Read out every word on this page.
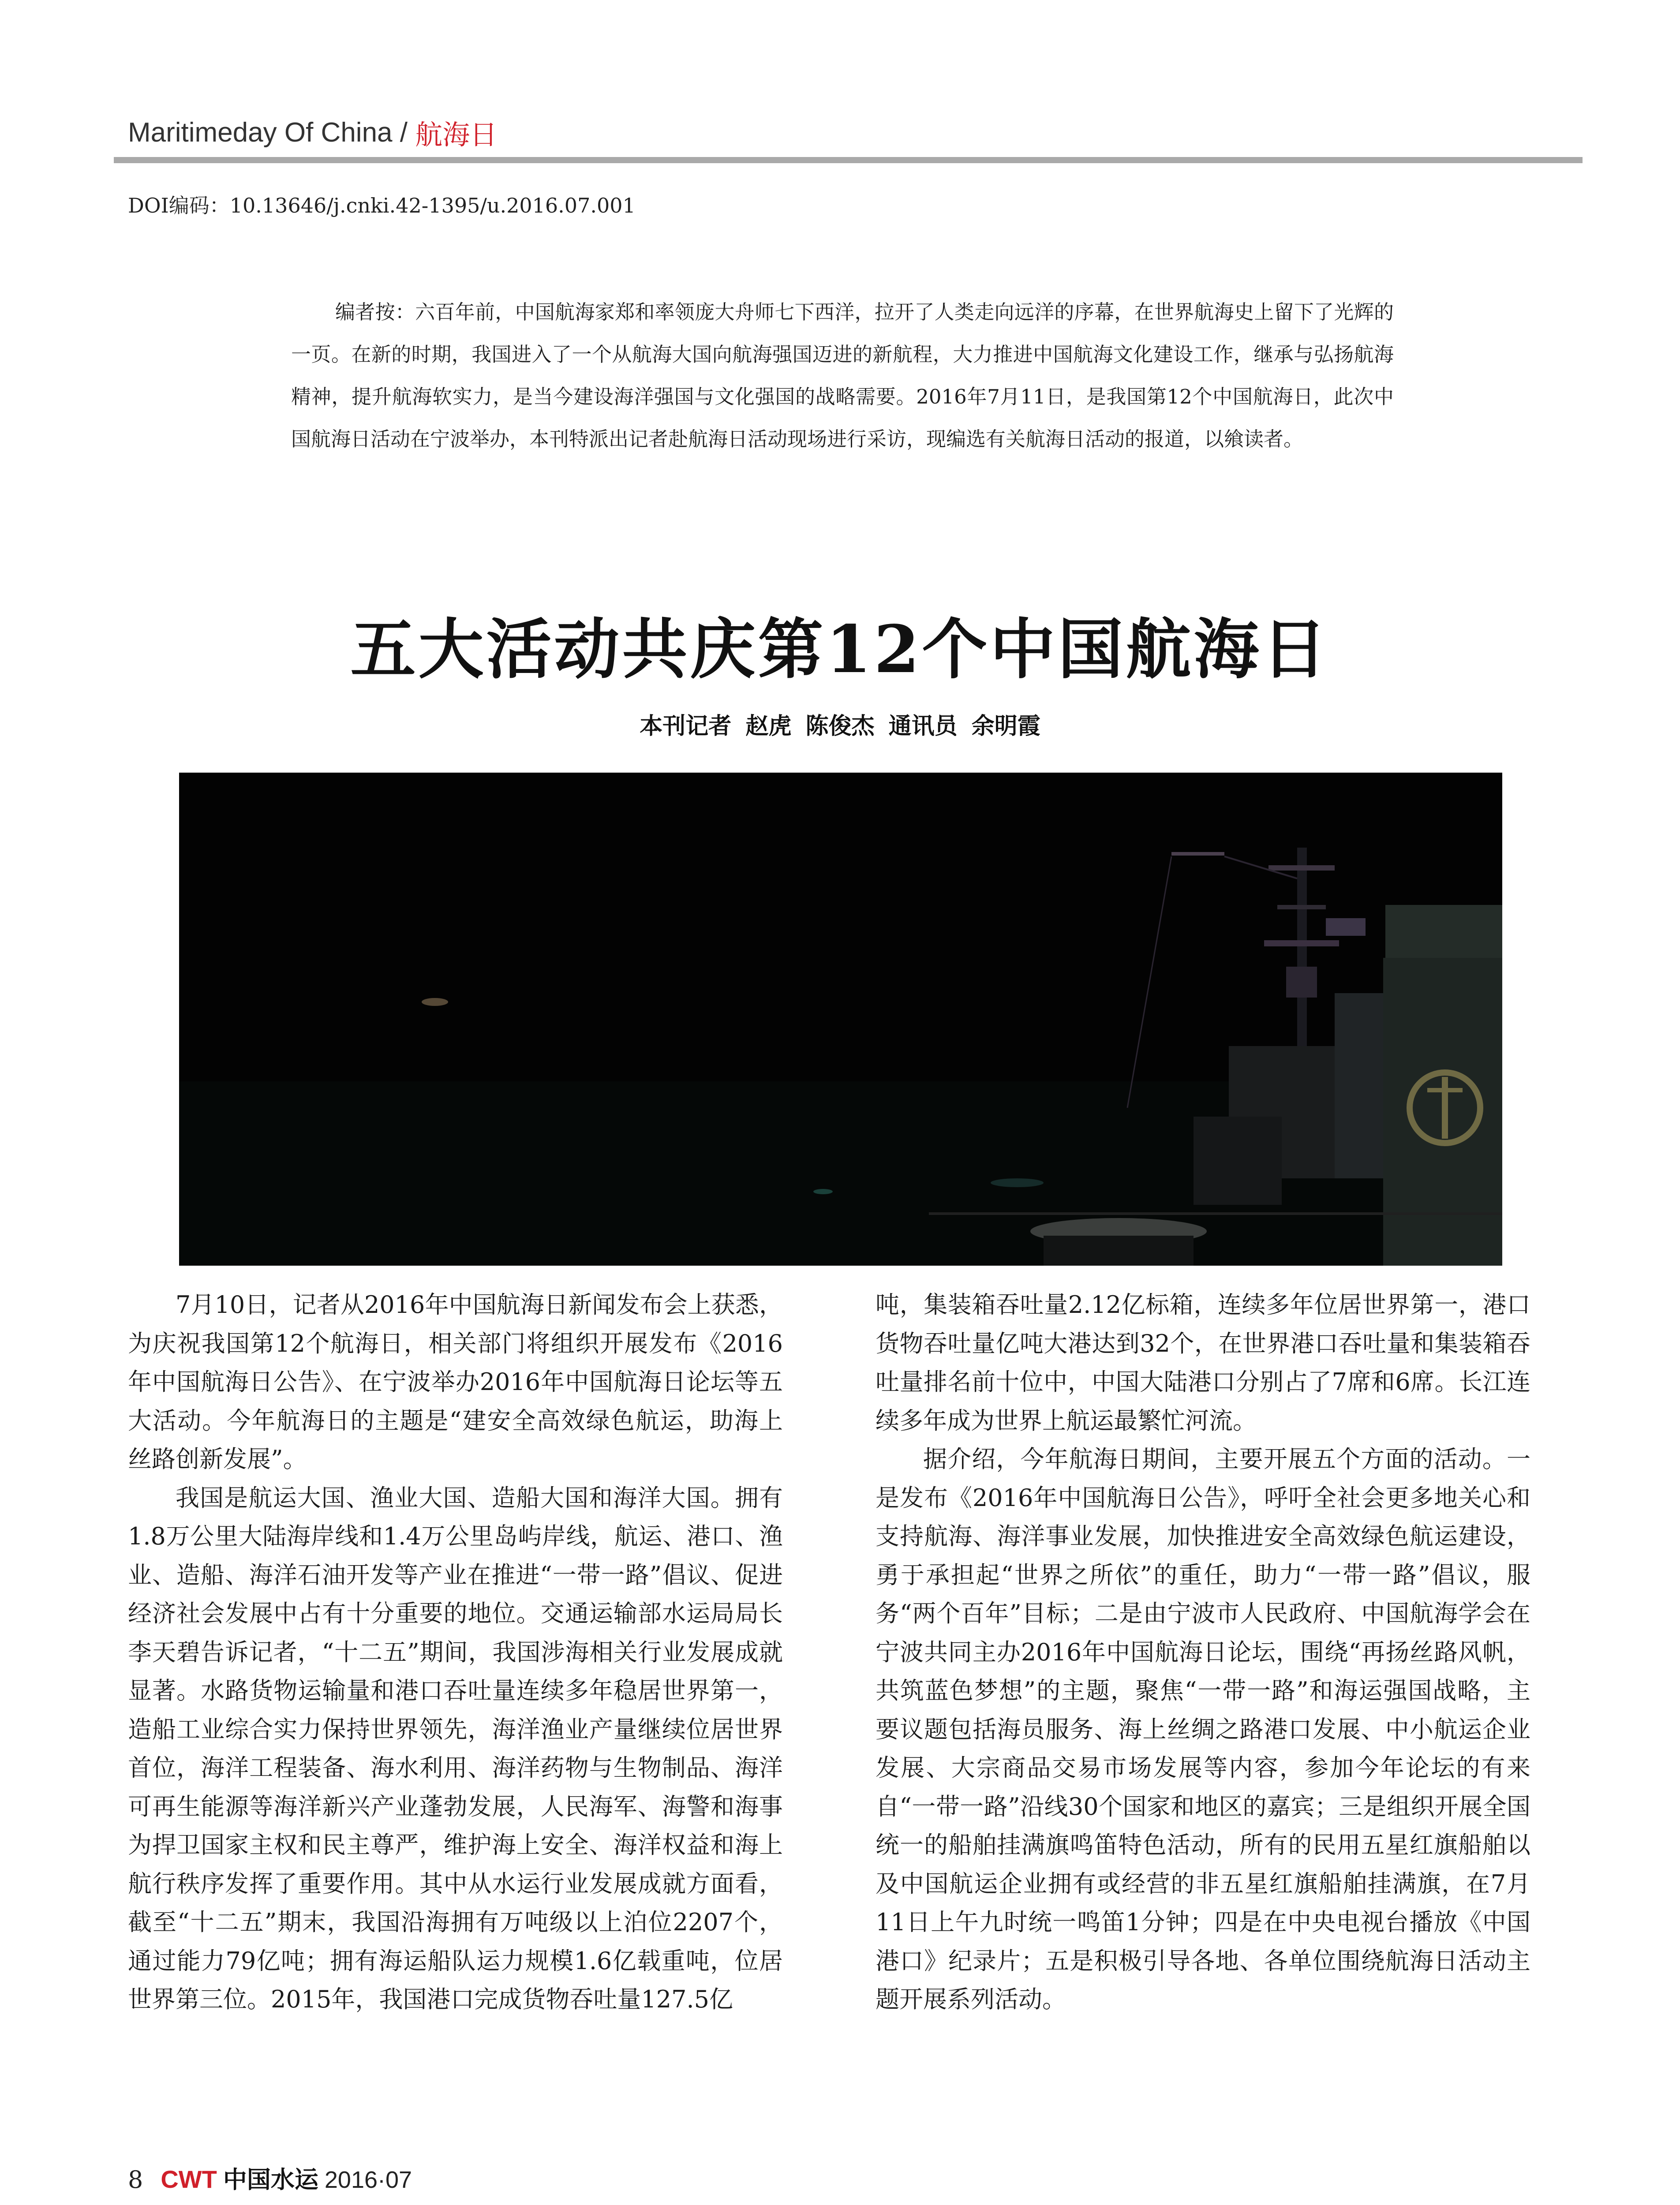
Maritimeday Of China / 航海日
DOI编码：10.13646/j.cnki.42-1395/u.2016.07.001
编者按：六百年前，中国航海家郑和率领庞大舟师七下西洋，拉开了人类走向远洋的序幕，在世界航海史上留下了光辉的一页。在新的时期，我国进入了一个从航海大国向航海强国迈进的新航程，大力推进中国航海文化建设工作，继承与弘扬航海精神，提升航海软实力，是当今建设海洋强国与文化强国的战略需要。2016年7月11日，是我国第12个中国航海日，此次中国航海日活动在宁波举办，本刊特派出记者赴航海日活动现场进行采访，现编选有关航海日活动的报道，以飨读者。
五大活动共庆第12个中国航海日
本刊记者 赵虎 陈俊杰 通讯员 余明霞

7月10日，记者从2016年中国航海日新闻发布会上获悉，为庆祝我国第12个航海日，相关部门将组织开展发布《2016年中国航海日公告》、在宁波举办2016年中国航海日论坛等五大活动。今年航海日的主题是“建安全高效绿色航运，助海上丝路创新发展”。

我国是航运大国、渔业大国、造船大国和海洋大国。拥有1.8万公里大陆海岸线和1.4万公里岛屿岸线，航运、港口、渔业、造船、海洋石油开发等产业在推进“一带一路”倡议、促进经济社会发展中占有十分重要的地位。交通运输部水运局局长李天碧告诉记者，“十二五”期间，我国涉海相关行业发展成就显著。水路货物运输量和港口吞吐量连续多年稳居世界第一，造船工业综合实力保持世界领先，海洋渔业产量继续位居世界首位，海洋工程装备、海水利用、海洋药物与生物制品、海洋可再生能源等海洋新兴产业蓬勃发展，人民海军、海警和海事为捍卫国家主权和民主尊严，维护海上安全、海洋权益和海上航行秩序发挥了重要作用。其中从水运行业发展成就方面看，截至“十二五”期末，我国沿海拥有万吨级以上泊位2207个，通过能力79亿吨；拥有海运船队运力规模1.6亿载重吨，位居世界第三位。2015年，我国港口完成货物吞吐量127.5亿

吨，集装箱吞吐量2.12亿标箱，连续多年位居世界第一，港口货物吞吐量亿吨大港达到32个，在世界港口吞吐量和集装箱吞吐量排名前十位中，中国大陆港口分别占了7席和6席。长江连续多年成为世界上航运最繁忙河流。

据介绍，今年航海日期间，主要开展五个方面的活动。一是发布《2016年中国航海日公告》，呼吁全社会更多地关心和支持航海、海洋事业发展，加快推进安全高效绿色航运建设，勇于承担起“世界之所依”的重任，助力“一带一路”倡议，服务“两个百年”目标；二是由宁波市人民政府、中国航海学会在宁波共同主办2016年中国航海日论坛，围绕“再扬丝路风帆，共筑蓝色梦想”的主题，聚焦“一带一路”和海运强国战略，主要议题包括海员服务、海上丝绸之路港口发展、中小航运企业发展、大宗商品交易市场发展等内容，参加今年论坛的有来自“一带一路”沿线30个国家和地区的嘉宾；三是组织开展全国统一的船舶挂满旗鸣笛特色活动，所有的民用五星红旗船舶以及中国航运企业拥有或经营的非五星红旗船舶挂满旗，在7月11日上午九时统一鸣笛1分钟；四是在中央电视台播放《中国港口》纪录片；五是积极引导各地、各单位围绕航海日活动主题开展系列活动。

8 CWT 中国水运 2016·07
